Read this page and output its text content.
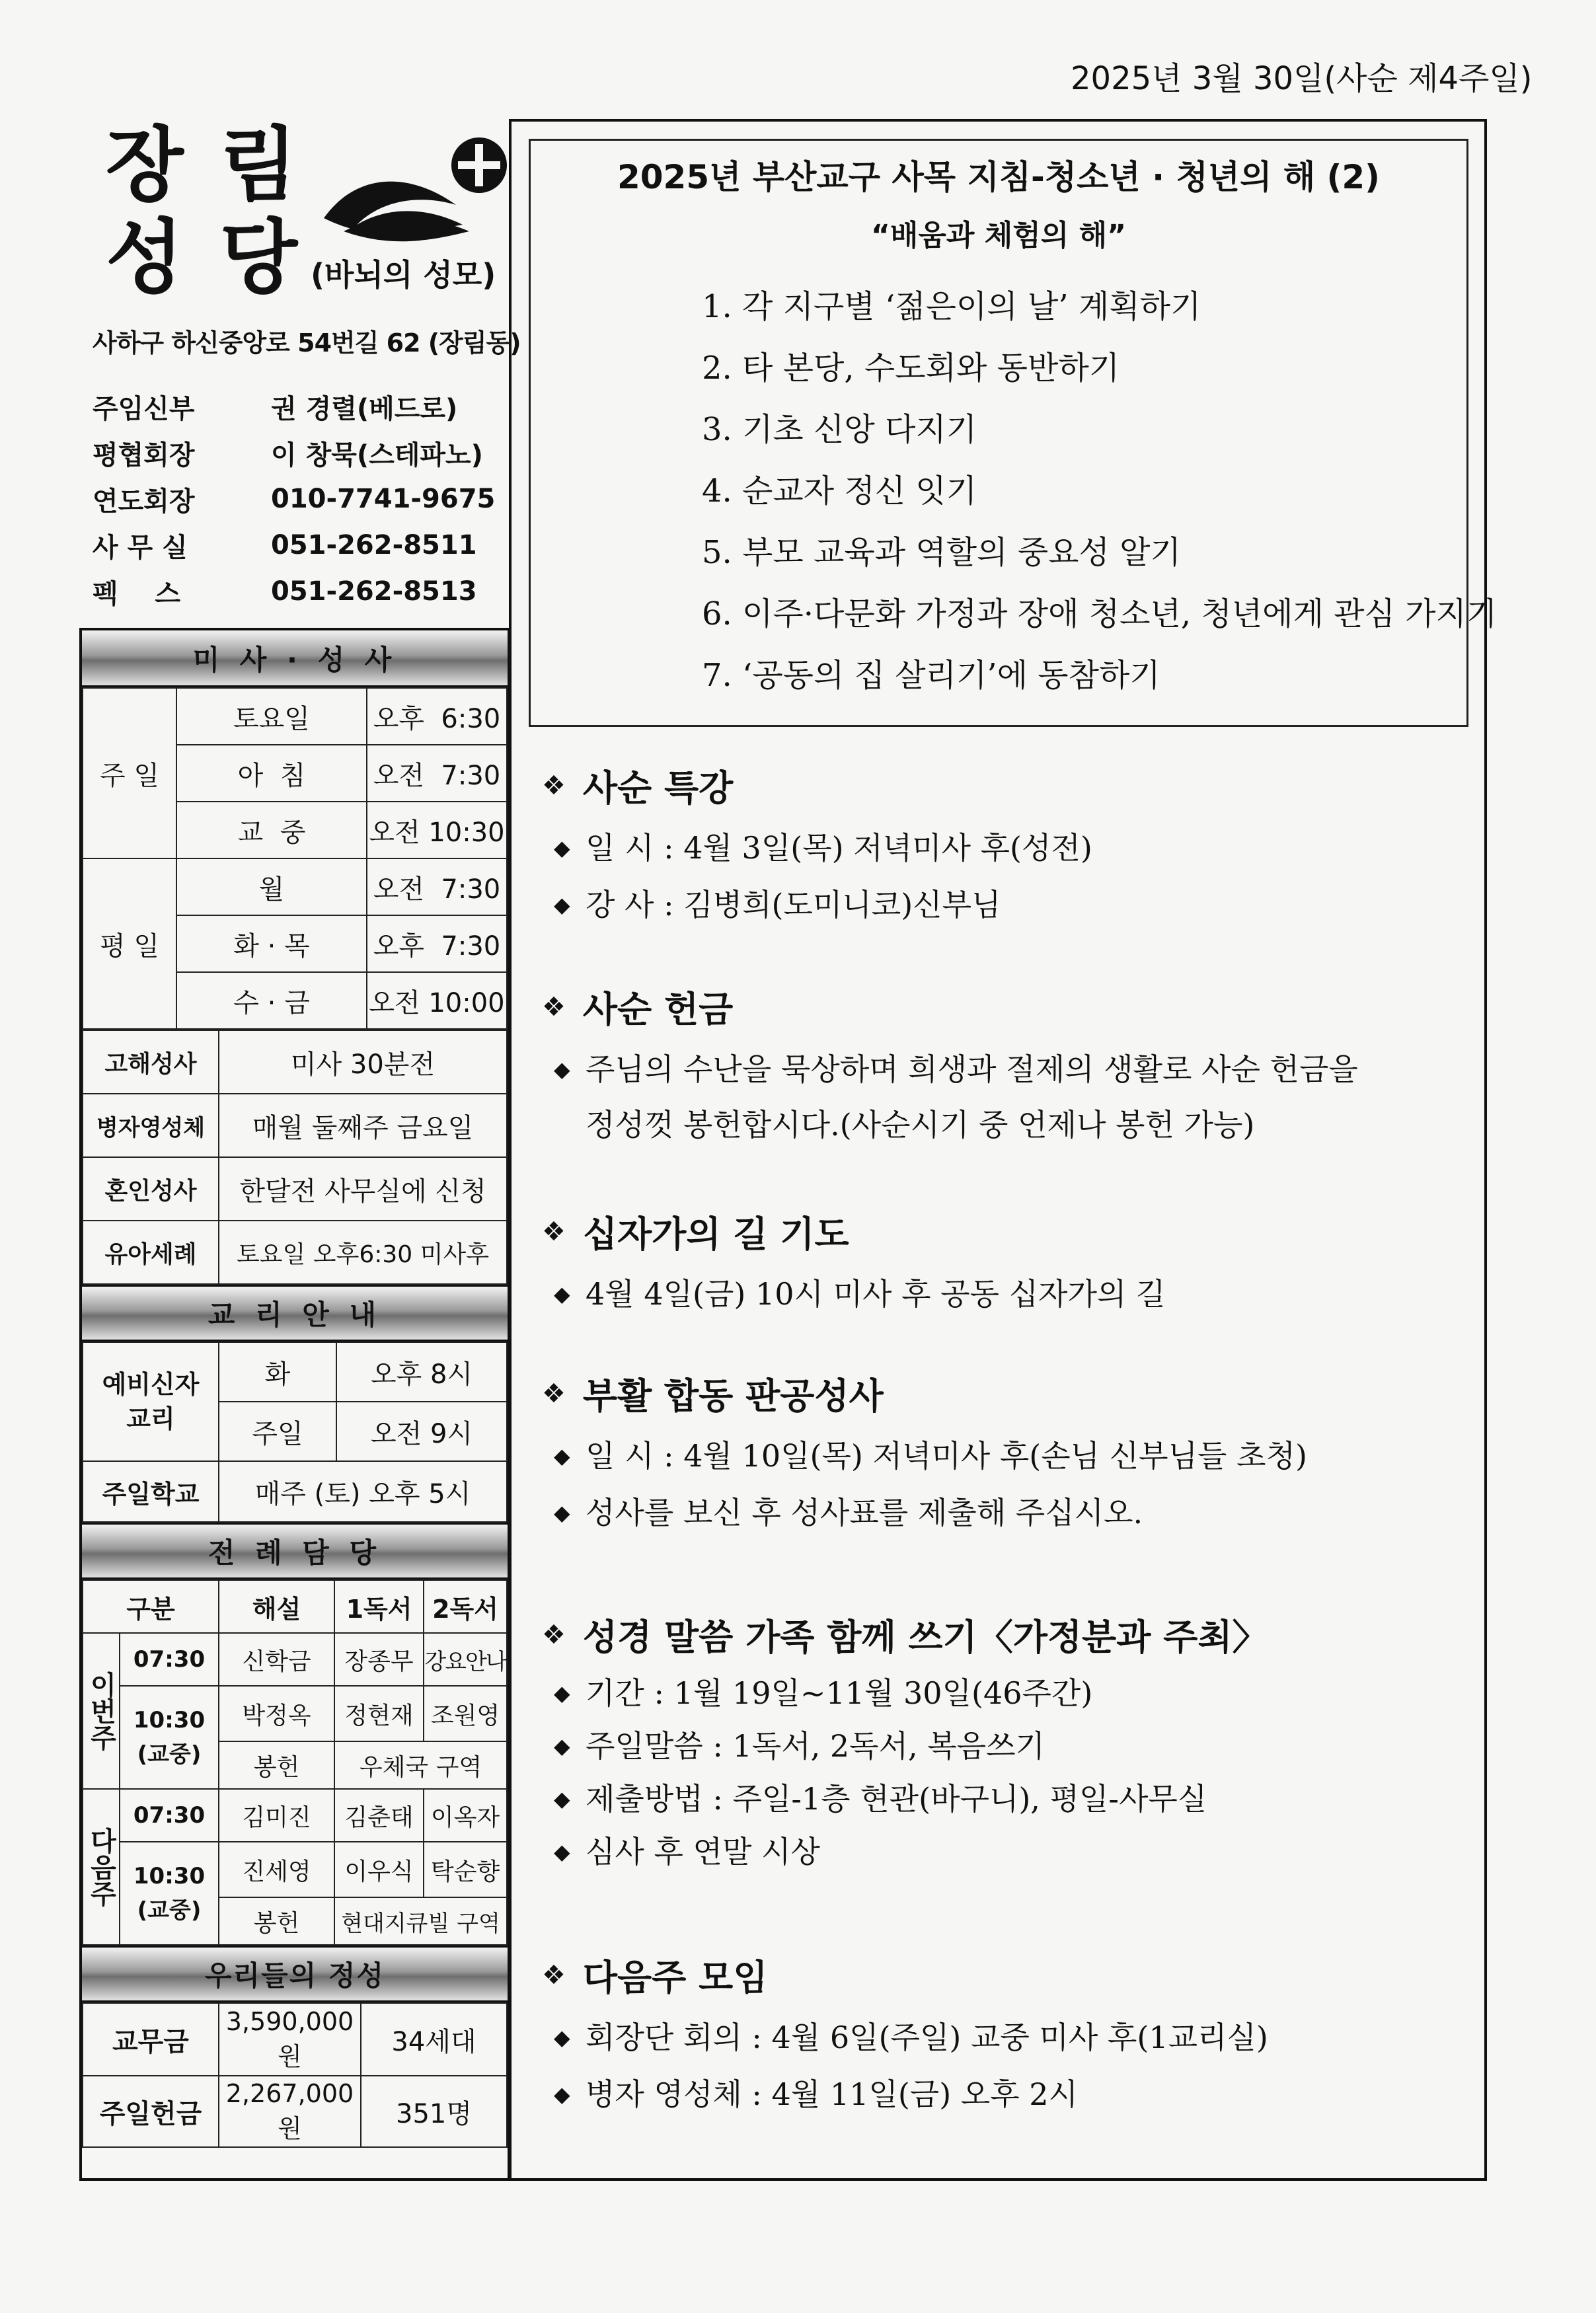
2025년 3월 30일(사순 제4주일)
장 림
성 당 (바뇌의 성모)
사하구 하신중앙로 54번길 62 (장림동)
주임신부	권 경렬(베드로)
평협회장	이 창묵(스테파노)
연도회장	010-7741-9675
사 무 실	051-262-8511
펙    스	051-262-8513
미 사 · 성 사
주 일	토요일	오후  6:30
	아  침	오전  7:30
	교  중	오전 10:30
평 일	월	오전  7:30
	화 · 목	오후  7:30
	수 · 금	오전 10:00
고해성사	미사 30분전
병자영성체	매월 둘째주 금요일
혼인성사	한달전 사무실에 신청
유아세례	토요일 오후6:30 미사후
교 리 안 내
예비신자 교리	화	오후 8시
	주일	오전 9시
주일학교	매주 (토) 오후 5시	
전 례 담 당
구분		해설	1독서	2독서
이번주	07:30	신학금	장종무	강요안나
	10:30 (교중)	박정옥	정현재	조원영
		봉헌	우체국 구역	
다음주	07:30	김미진	김춘태	이옥자
	10:30 (교중)	진세영	이우식	탁순향
		봉헌	현대지큐빌 구역	
우리들의 정성
교무금	3,590,000원	34세대
주일헌금	2,267,000원	351명
2025년 부산교구 사목 지침-청소년 · 청년의 해 (2)
“배움과 체험의 해”
1. 각 지구별 ‘젊은이의 날’ 계획하기
2. 타 본당, 수도회와 동반하기
3. 기초 신앙 다지기
4. 순교자 정신 잇기
5. 부모 교육과 역할의 중요성 알기
6. 이주·다문화 가정과 장애 청소년, 청년에게 관심 가지기
7. ‘공동의 집 살리기’에 동참하기
❖ 사순 특강
◆ 일 시 : 4월 3일(목) 저녁미사 후(성전)
◆ 강 사 : 김병희(도미니코)신부님
❖ 사순 헌금
◆ 주님의 수난을 묵상하며 희생과 절제의 생활로 사순 헌금을
정성껏 봉헌합시다.(사순시기 중 언제나 봉헌 가능)
❖ 십자가의 길 기도
◆ 4월 4일(금) 10시 미사 후 공동 십자가의 길
❖ 부활 합동 판공성사
◆ 일 시 : 4월 10일(목) 저녁미사 후(손님 신부님들 초청)
◆ 성사를 보신 후 성사표를 제출해 주십시오.
❖ 성경 말씀 가족 함께 쓰기〈가정분과 주최〉
◆ 기간 : 1월 19일~11월 30일(46주간)
◆ 주일말씀 : 1독서, 2독서, 복음쓰기
◆ 제출방법 : 주일-1층 현관(바구니), 평일-사무실
◆ 심사 후 연말 시상
❖ 다음주 모임
◆ 회장단 회의 : 4월 6일(주일) 교중 미사 후(1교리실)
◆ 병자 영성체 : 4월 11일(금) 오후 2시
